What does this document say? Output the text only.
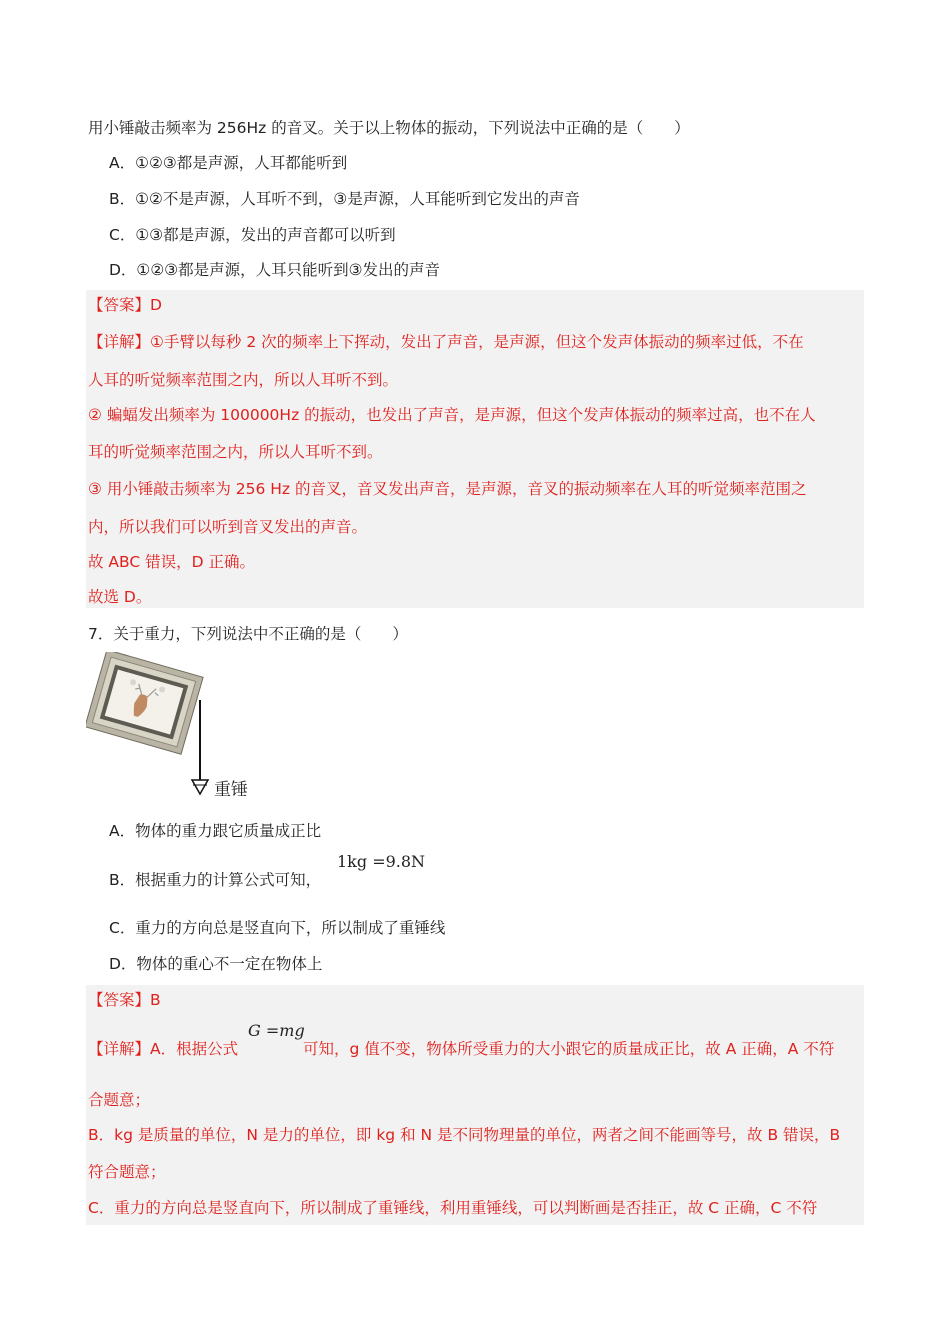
用小锤敲击频率为 256Hz 的音叉。关于以上物体的振动，下列说法中正确的是（　　）
A．①②③都是声源，人耳都能听到
B．①②不是声源，人耳听不到，③是声源，人耳能听到它发出的声音
C．①③都是声源，发出的声音都可以听到
D．①②③都是声源，人耳只能听到③发出的声音
【答案】D
【详解】①手臂以每秒 2 次的频率上下挥动，发出了声音，是声源，但这个发声体振动的频率过低，不在
人耳的听觉频率范围之内，所以人耳听不到。
② 蝙蝠发出频率为 100000Hz 的振动，也发出了声音，是声源，但这个发声体振动的频率过高，也不在人
耳的听觉频率范围之内，所以人耳听不到。
③ 用小锤敲击频率为 256 Hz 的音叉，音叉发出声音，是声源，音叉的振动频率在人耳的听觉频率范围之
内，所以我们可以听到音叉发出的声音。
故 ABC 错误，D 正确。
故选 D。
7．关于重力，下列说法中不正确的是（　　）
重锤
A．物体的重力跟它质量成正比
B．根据重力的计算公式可知，
1kg =9.8N
C．重力的方向总是竖直向下，所以制成了重锤线
D．物体的重心不一定在物体上
【答案】B
【详解】A．根据公式
G =mg
可知，g 值不变，物体所受重力的大小跟它的质量成正比，故 A 正确，A 不符
合题意；
B．kg 是质量的单位，N 是力的单位，即 kg 和 N 是不同物理量的单位，两者之间不能画等号，故 B 错误，B
符合题意；
C．重力的方向总是竖直向下，所以制成了重锤线，利用重锤线，可以判断画是否挂正，故 C 正确，C 不符
